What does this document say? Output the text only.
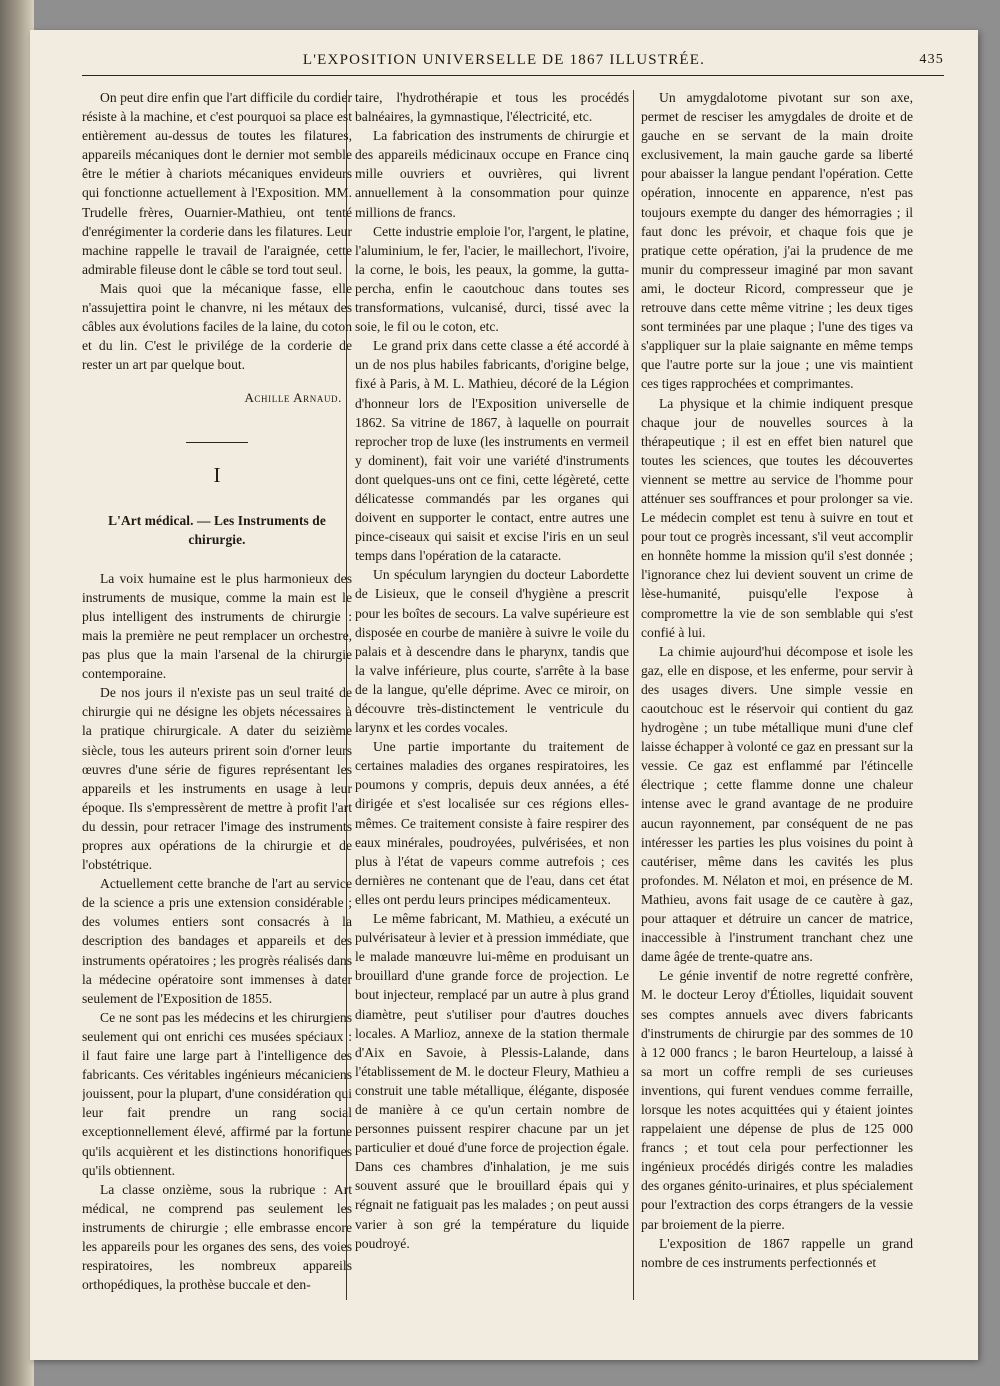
L'EXPOSITION UNIVERSELLE DE 1867 ILLUSTRÉE.	435

On peut dire enfin que l'art difficile du cordier résiste à la machine, et c'est pourquoi sa place est entièrement au-dessus de toutes les filatures, appareils mécaniques dont le dernier mot semble être le métier à chariots mécaniques envideurs qui fonctionne actuellement à l'Exposition. MM. Trudelle frères, Ouarnier-Mathieu, ont tenté d'enrégimenter la corderie dans les filatures. Leur machine rappelle le travail de l'araignée, cette admirable fileuse dont le câble se tord tout seul.

Mais quoi que la mécanique fasse, elle n'assujettira point le chanvre, ni les métaux des câbles aux évolutions faciles de la laine, du coton et du lin. C'est le privilége de la corderie de rester un art par quelque bout.

Achille Arnaud.
I
L'Art médical. — Les Instruments de chirurgie.

La voix humaine est le plus harmonieux des instruments de musique, comme la main est le plus intelligent des instruments de chirurgie : mais la première ne peut remplacer un orchestre, pas plus que la main l'arsenal de la chirurgie contemporaine.

De nos jours il n'existe pas un seul traité de chirurgie qui ne désigne les objets nécessaires à la pratique chirurgicale. A dater du seizième siècle, tous les auteurs prirent soin d'orner leurs œuvres d'une série de figures représentant les appareils et les instruments en usage à leur époque. Ils s'empressèrent de mettre à profit l'art du dessin, pour retracer l'image des instruments propres aux opérations de la chirurgie et de l'obstétrique.

Actuellement cette branche de l'art au service de la science a pris une extension considérable ; des volumes entiers sont consacrés à la description des bandages et appareils et des instruments opératoires ; les progrès réalisés dans la médecine opératoire sont immenses à dater seulement de l'Exposition de 1855.

Ce ne sont pas les médecins et les chirurgiens seulement qui ont enrichi ces musées spéciaux : il faut faire une large part à l'intelligence des fabricants. Ces véritables ingénieurs mécaniciens jouissent, pour la plupart, d'une considération qui leur fait prendre un rang social exceptionnellement élevé, affirmé par la fortune qu'ils acquièrent et les distinctions honorifiques qu'ils obtiennent.

La classe onzième, sous la rubrique : Art médical, ne comprend pas seulement les instruments de chirurgie ; elle embrasse encore les appareils pour les organes des sens, des voies respiratoires, les nombreux appareils orthopédiques, la prothèse buccale et den-

taire, l'hydrothérapie et tous les procédés balnéaires, la gymnastique, l'électricité, etc.

La fabrication des instruments de chirurgie et des appareils médicinaux occupe en France cinq mille ouvriers et ouvrières, qui livrent annuellement à la consommation pour quinze millions de francs.

Cette industrie emploie l'or, l'argent, le platine, l'aluminium, le fer, l'acier, le maillechort, l'ivoire, la corne, le bois, les peaux, la gomme, la gutta-percha, enfin le caoutchouc dans toutes ses transformations, vulcanisé, durci, tissé avec la soie, le fil ou le coton, etc.

Le grand prix dans cette classe a été accordé à un de nos plus habiles fabricants, d'origine belge, fixé à Paris, à M. L. Mathieu, décoré de la Légion d'honneur lors de l'Exposition universelle de 1862. Sa vitrine de 1867, à laquelle on pourrait reprocher trop de luxe (les instruments en vermeil y dominent), fait voir une variété d'instruments dont quelques-uns ont ce fini, cette légèreté, cette délicatesse commandés par les organes qui doivent en supporter le contact, entre autres une pince-ciseaux qui saisit et excise l'iris en un seul temps dans l'opération de la cataracte.

Un spéculum laryngien du docteur Labordette de Lisieux, que le conseil d'hygiène a prescrit pour les boîtes de secours. La valve supérieure est disposée en courbe de manière à suivre le voile du palais et à descendre dans le pharynx, tandis que la valve inférieure, plus courte, s'arrête à la base de la langue, qu'elle déprime. Avec ce miroir, on découvre très-distinctement le ventricule du larynx et les cordes vocales.

Une partie importante du traitement de certaines maladies des organes respiratoires, les poumons y compris, depuis deux années, a été dirigée et s'est localisée sur ces régions elles-mêmes. Ce traitement consiste à faire respirer des eaux minérales, poudroyées, pulvérisées, et non plus à l'état de vapeurs comme autrefois ; ces dernières ne contenant que de l'eau, dans cet état elles ont perdu leurs principes médicamenteux.

Le même fabricant, M. Mathieu, a exécuté un pulvérisateur à levier et à pression immédiate, que le malade manœuvre lui-même en produisant un brouillard d'une grande force de projection. Le bout injecteur, remplacé par un autre à plus grand diamètre, peut s'utiliser pour d'autres douches locales. A Marlioz, annexe de la station thermale d'Aix en Savoie, à Plessis-Lalande, dans l'établissement de M. le docteur Fleury, Mathieu a construit une table métallique, élégante, disposée de manière à ce qu'un certain nombre de personnes puissent respirer chacune par un jet particulier et doué d'une force de projection égale. Dans ces chambres d'inhalation, je me suis souvent assuré que le brouillard épais qui y régnait ne fatiguait pas les malades ; on peut aussi varier à son gré la température du liquide poudroyé.

Un amygdalotome pivotant sur son axe, permet de resciser les amygdales de droite et de gauche en se servant de la main droite exclusivement, la main gauche garde sa liberté pour abaisser la langue pendant l'opération. Cette opération, innocente en apparence, n'est pas toujours exempte du danger des hémorragies ; il faut donc les prévoir, et chaque fois que je pratique cette opération, j'ai la prudence de me munir du compresseur imaginé par mon savant ami, le docteur Ricord, compresseur que je retrouve dans cette même vitrine ; les deux tiges sont terminées par une plaque ; l'une des tiges va s'appliquer sur la plaie saignante en même temps que l'autre porte sur la joue ; une vis maintient ces tiges rapprochées et comprimantes.

La physique et la chimie indiquent presque chaque jour de nouvelles sources à la thérapeutique ; il est en effet bien naturel que toutes les sciences, que toutes les découvertes viennent se mettre au service de l'homme pour atténuer ses souffrances et pour prolonger sa vie. Le médecin complet est tenu à suivre en tout et pour tout ce progrès incessant, s'il veut accomplir en honnête homme la mission qu'il s'est donnée ; l'ignorance chez lui devient souvent un crime de lèse-humanité, puisqu'elle l'expose à compromettre la vie de son semblable qui s'est confié à lui.

La chimie aujourd'hui décompose et isole les gaz, elle en dispose, et les enferme, pour servir à des usages divers. Une simple vessie en caoutchouc est le réservoir qui contient du gaz hydrogène ; un tube métallique muni d'une clef laisse échapper à volonté ce gaz en pressant sur la vessie. Ce gaz est enflammé par l'étincelle électrique ; cette flamme donne une chaleur intense avec le grand avantage de ne produire aucun rayonnement, par conséquent de ne pas intéresser les parties les plus voisines du point à cautériser, même dans les cavités les plus profondes. M. Nélaton et moi, en présence de M. Mathieu, avons fait usage de ce cautère à gaz, pour attaquer et détruire un cancer de matrice, inaccessible à l'instrument tranchant chez une dame âgée de trente-quatre ans.

Le génie inventif de notre regretté confrère, M. le docteur Leroy d'Étiolles, liquidait souvent ses comptes annuels avec divers fabricants d'instruments de chirurgie par des sommes de 10 à 12 000 francs ; le baron Heurteloup, a laissé à sa mort un coffre rempli de ses curieuses inventions, qui furent vendues comme ferraille, lorsque les notes acquittées qui y étaient jointes rappelaient une dépense de plus de 125 000 francs ; et tout cela pour perfectionner les ingénieux procédés dirigés contre les maladies des organes génito-urinaires, et plus spécialement pour l'extraction des corps étrangers de la vessie par broiement de la pierre.

L'exposition de 1867 rappelle un grand nombre de ces instruments perfectionnés et
